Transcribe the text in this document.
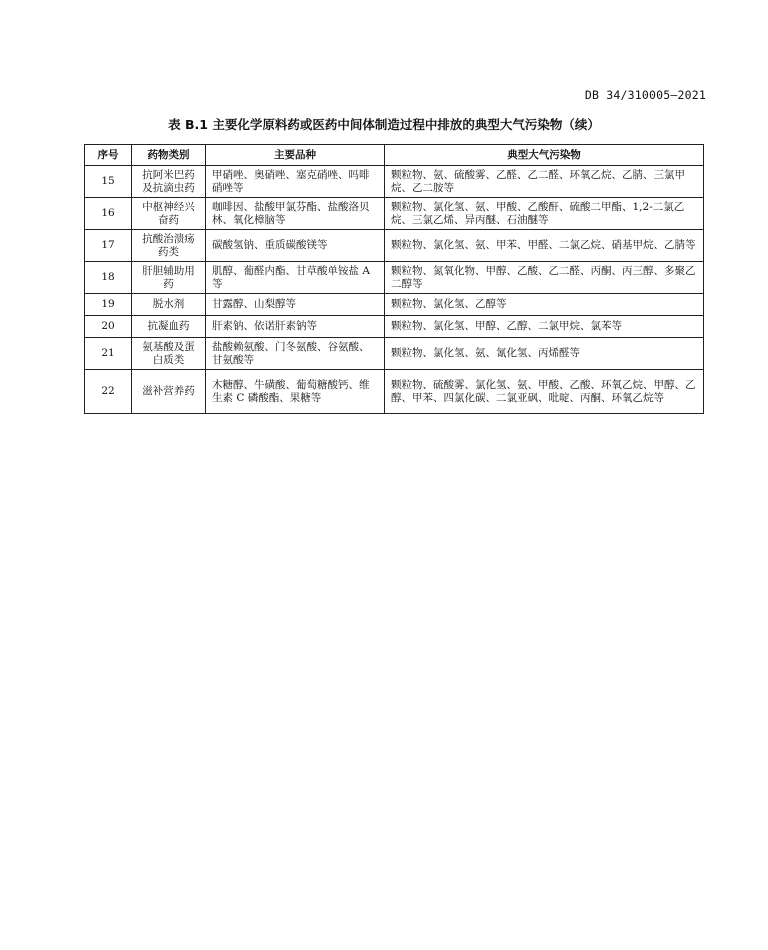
DB 34/310005—2021
表 B.1 主要化学原料药或医药中间体制造过程中排放的典型大气污染物（续）
序号	药物类别	主要品种	典型大气污染物
15	抗阿米巴药及抗滴虫药	甲硝唑、奥硝唑、塞克硝唑、吗啡硝唑等	颗粒物、氨、硫酸雾、乙醛、乙二醛、环氧乙烷、乙腈、三氯甲烷、乙二胺等
16	中枢神经兴奋药	咖啡因、盐酸甲氯芬酯、盐酸洛贝林、氧化樟脑等	颗粒物、氯化氢、氨、甲酸、乙酸酐、硫酸二甲酯、1,2-二氯乙烷、三氯乙烯、异丙醚、石油醚等
17	抗酸治溃疡药类	碳酸氢钠、重质碳酸镁等	颗粒物、氯化氢、氨、甲苯、甲醛、二氯乙烷、硝基甲烷、乙腈等
18	肝胆辅助用药	肌醇、葡醛内酯、甘草酸单铵盐 A 等	颗粒物、氮氧化物、甲醇、乙酸、乙二醛、丙酮、丙三醇、多聚乙二醇等
19	脱水剂	甘露醇、山梨醇等	颗粒物、氯化氢、乙醇等
20	抗凝血药	肝素钠、依诺肝素钠等	颗粒物、氯化氢、甲醇、乙醇、二氯甲烷、氯苯等
21	氨基酸及蛋白质类	盐酸赖氨酸、门冬氨酸、谷氨酸、甘氨酸等	颗粒物、氯化氢、氨、氰化氢、丙烯醛等
22	滋补营养药	木糖醇、牛磺酸、葡萄糖酸钙、维生素 C 磷酸酯、果糖等	颗粒物、硫酸雾、氯化氢、氨、甲酸、乙酸、环氧乙烷、甲醇、乙醇、甲苯、四氯化碳、二氯亚砜、吡啶、丙酮、环氧乙烷等
